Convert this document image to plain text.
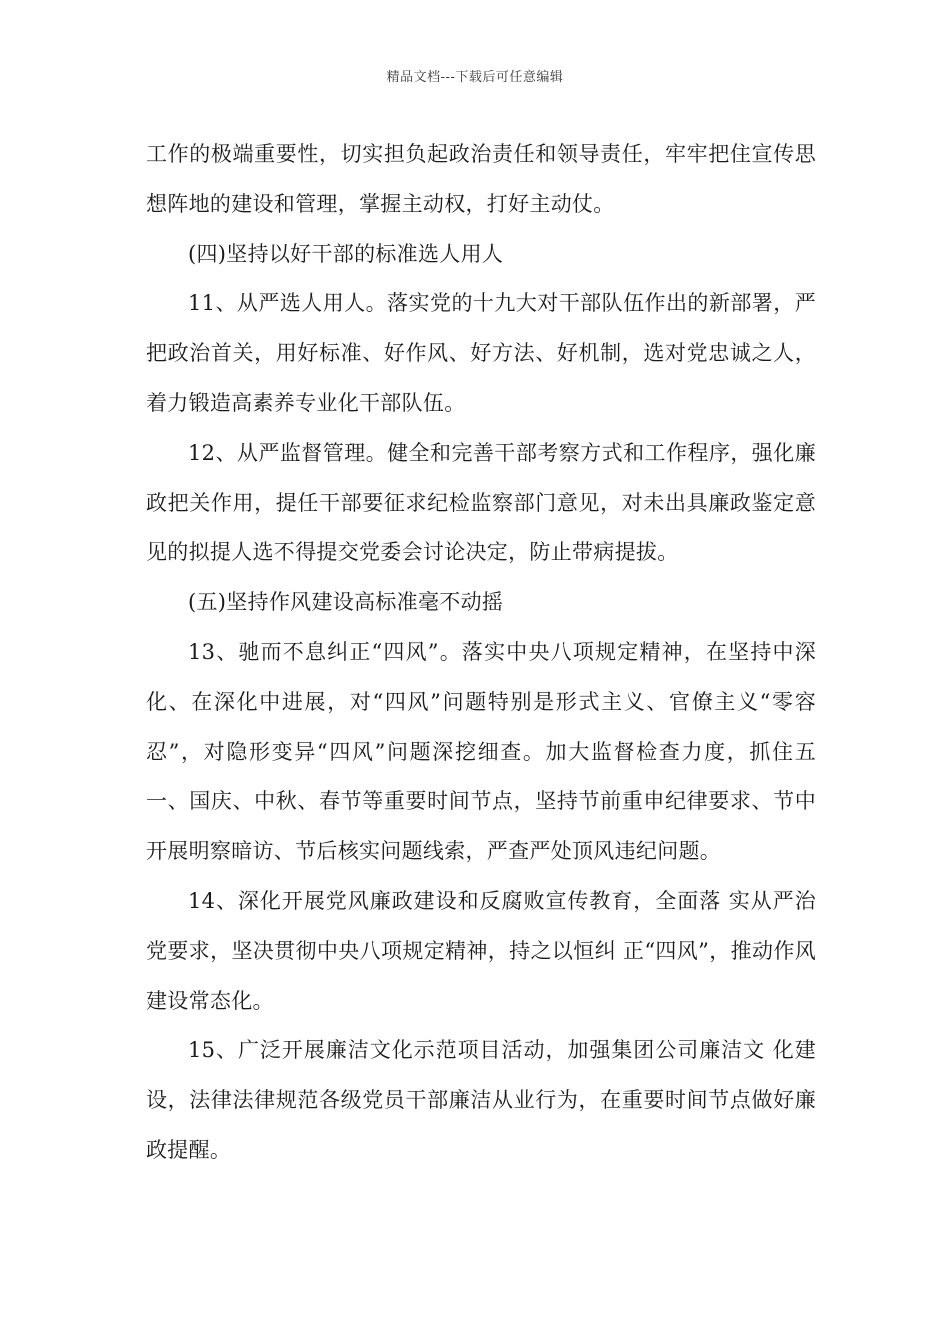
精品文档---下载后可任意编辑

工作的极端重要性，切实担负起政治责任和领导责任，牢牢把住宣传思想阵地的建设和管理，掌握主动权，打好主动仗。

(四)坚持以好干部的标准选人用人

11、从严选人用人。落实党的十九大对干部队伍作出的新部署，严把政治首关，用好标准、好作风、好方法、好机制，选对党忠诚之人，着力锻造高素养专业化干部队伍。

12、从严监督管理。健全和完善干部考察方式和工作程序，强化廉政把关作用，提任干部要征求纪检监察部门意见，对未出具廉政鉴定意见的拟提人选不得提交党委会讨论决定，防止带病提拔。

(五)坚持作风建设高标准毫不动摇

13、驰而不息纠正“四风”。落实中央八项规定精神，在坚持中深化、在深化中进展，对“四风”问题特别是形式主义、官僚主义“零容忍”，对隐形变异“四风”问题深挖细查。加大监督检查力度，抓住五一、国庆、中秋、春节等重要时间节点，坚持节前重申纪律要求、节中开展明察暗访、节后核实问题线索，严查严处顶风违纪问题。

14、深化开展党风廉政建设和反腐败宣传教育，全面落 实从严治党要求，坚决贯彻中央八项规定精神，持之以恒纠 正“四风”，推动作风建设常态化。

15、广泛开展廉洁文化示范项目活动，加强集团公司廉洁文 化建设，法律法律规范各级党员干部廉洁从业行为，在重要时间节点做好廉政提醒。
